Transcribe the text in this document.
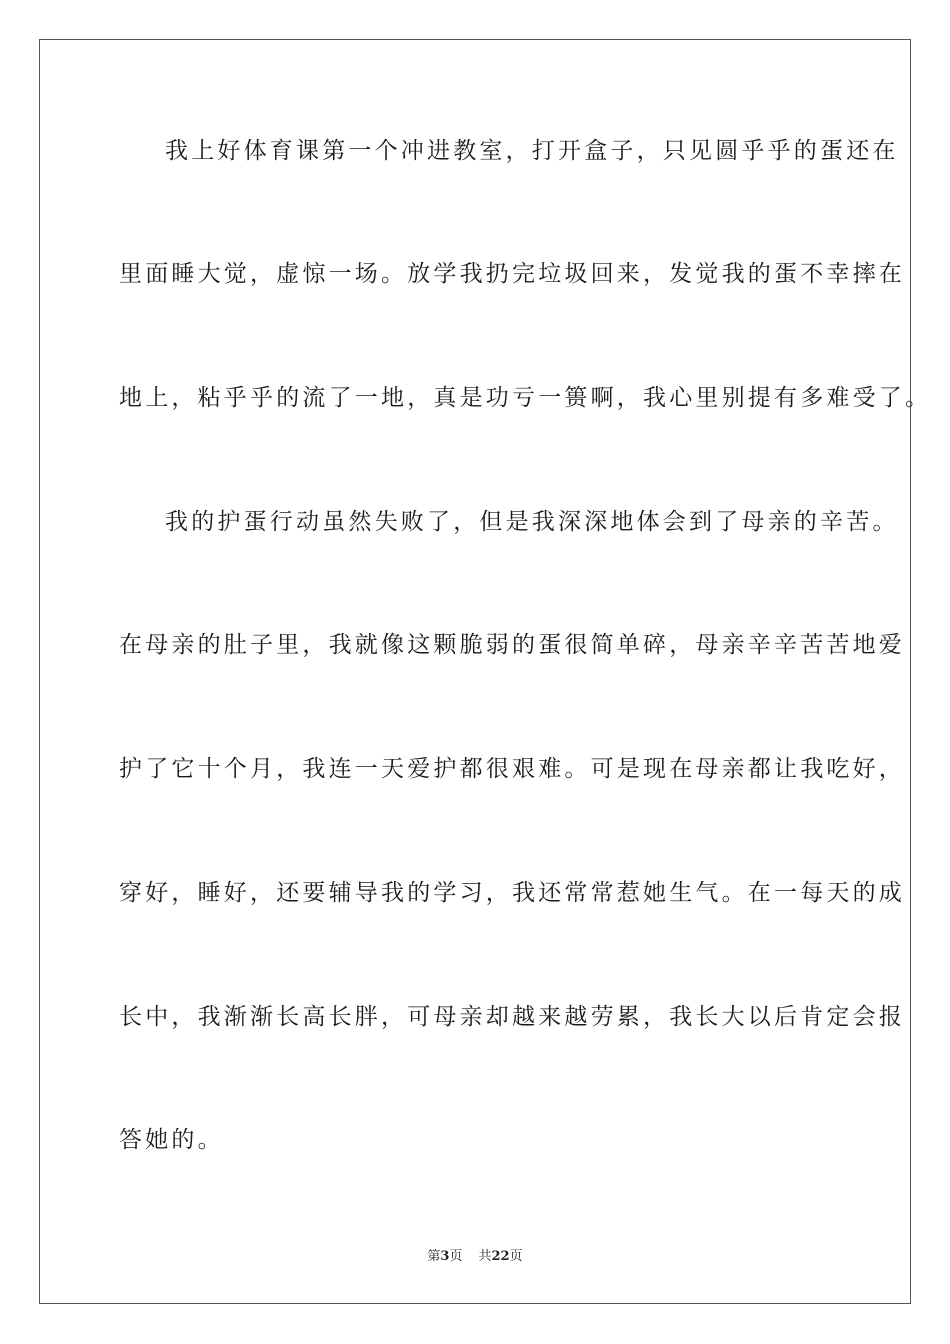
我上好体育课第一个冲进教室，打开盒子，只见圆乎乎的蛋还在
里面睡大觉，虚惊一场。放学我扔完垃圾回来，发觉我的蛋不幸摔在
地上，粘乎乎的流了一地，真是功亏一篑啊，我心里别提有多难受了。
我的护蛋行动虽然失败了，但是我深深地体会到了母亲的辛苦。
在母亲的肚子里，我就像这颗脆弱的蛋很简单碎，母亲辛辛苦苦地爱
护了它十个月，我连一天爱护都很艰难。可是现在母亲都让我吃好，
穿好，睡好，还要辅导我的学习，我还常常惹她生气。在一每天的成
长中，我渐渐长高长胖，可母亲却越来越劳累，我长大以后肯定会报
答她的。
第3页 共22页
